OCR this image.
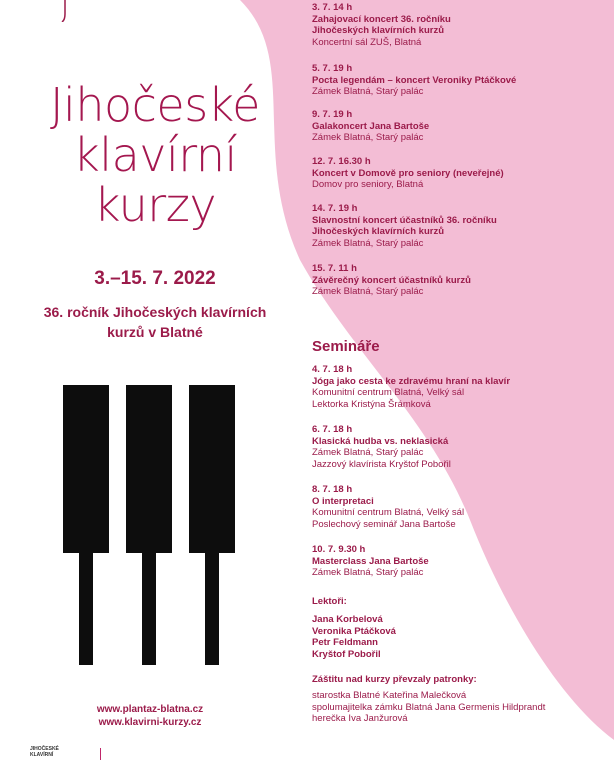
Jihočeské
klavírní
kurzy
3.–15. 7. 2022
36. ročník Jihočeských klavírních
kurzů v Blatné
www.plantaz-blatna.cz
www.klavirni-kurzy.cz
JIHOČESKÉ
KLAVÍRNÍ
3. 7. 14 h
Zahajovací koncert 36. ročníku
Jihočeských klavírních kurzů
Koncertní sál ZUŠ, Blatná
5. 7. 19 h
Pocta legendám – koncert Veroniky Ptáčkové
Zámek Blatná, Starý palác
9. 7. 19 h
Galakoncert Jana Bartoše
Zámek Blatná, Starý palác
12. 7. 16.30 h
Koncert v Domově pro seniory (neveřejné)
Domov pro seniory, Blatná
14. 7. 19 h
Slavnostní koncert účastníků 36. ročníku
Jihočeských klavírních kurzů
Zámek Blatná, Starý palác
15. 7. 11 h
Závěrečný koncert účastníků kurzů
Zámek Blatná, Starý palác
Semináře
4. 7. 18 h
Jóga jako cesta ke zdravému hraní na klavír
Komunitní centrum Blatná, Velký sál
Lektorka Kristýna Šrámková
6. 7. 18 h
Klasická hudba vs. neklasická
Zámek Blatná, Starý palác
Jazzový klavírista Kryštof Pobořil
8. 7. 18 h
O interpretaci
Komunitní centrum Blatná, Velký sál
Poslechový seminář Jana Bartoše
10. 7. 9.30 h
Masterclass Jana Bartoše
Zámek Blatná, Starý palác
Lektoři:
Jana Korbelová
Veronika Ptáčková
Petr Feldmann
Kryštof Pobořil
Záštitu nad kurzy převzaly patronky:
starostka Blatné Kateřina Malečková
spolumajitelka zámku Blatná Jana Germenis Hildprandt
herečka Iva Janžurová
